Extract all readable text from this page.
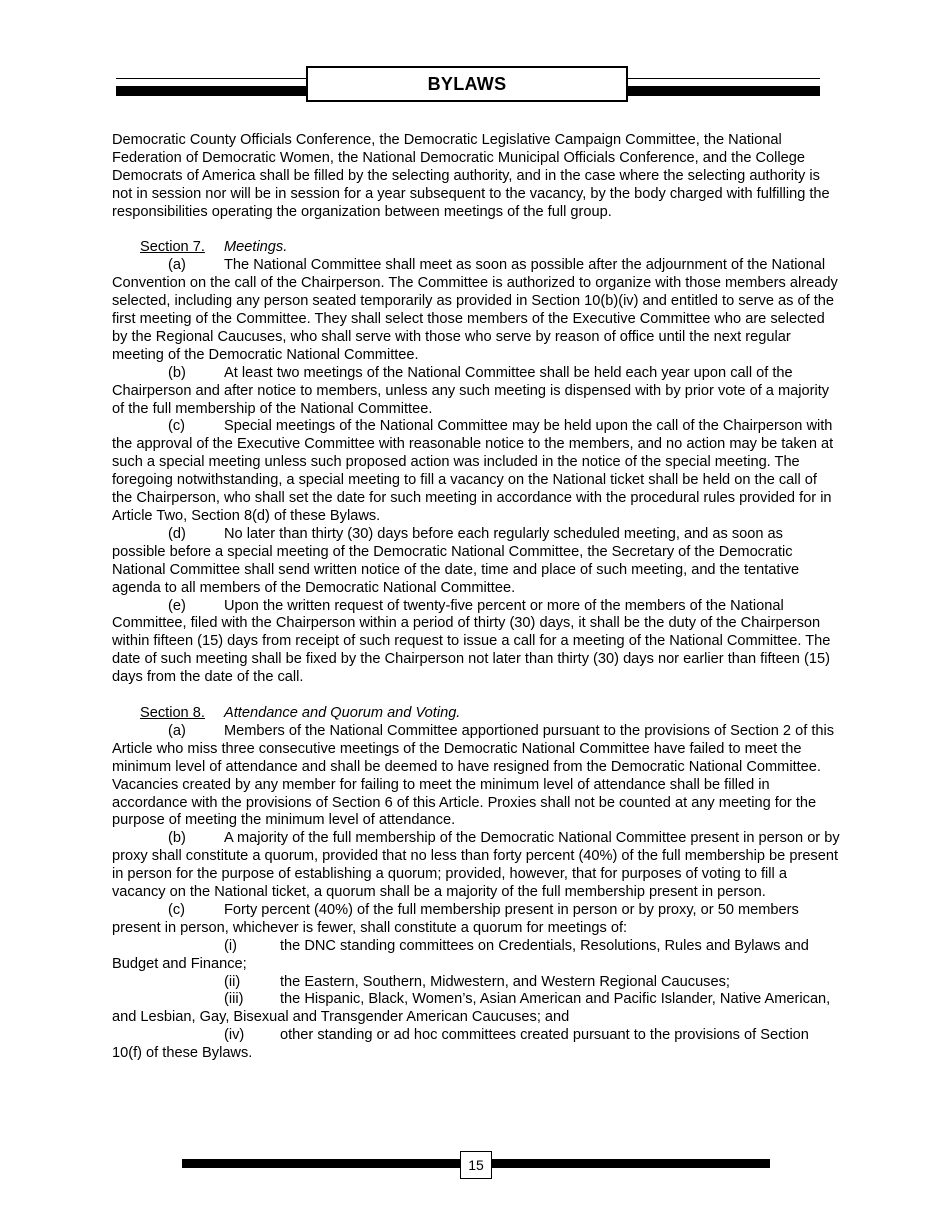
BYLAWS

Democratic County Officials Conference, the Democratic Legislative Campaign Committee, the National Federation of Democratic Women, the National Democratic Municipal Officials Conference, and the College Democrats of America shall be filled by the selecting authority, and in the case where the selecting authority is not in session nor will be in session for a year subsequent to the vacancy, by the body charged with fulfilling the responsibilities operating the organization between meetings of the full group.

Section 7. Meetings.

(a)	The National Committee shall meet as soon as possible after the adjournment of the National Convention on the call of the Chairperson. The Committee is authorized to organize with those members already selected, including any person seated temporarily as provided in Section 10(b)(iv) and entitled to serve as of the first meeting of the Committee. They shall select those members of the Executive Committee who are selected by the Regional Caucuses, who shall serve with those who serve by reason of office until the next regular meeting of the Democratic National Committee.

(b)	At least two meetings of the National Committee shall be held each year upon call of the Chairperson and after notice to members, unless any such meeting is dispensed with by prior vote of a majority of the full membership of the National Committee.

(c)	Special meetings of the National Committee may be held upon the call of the Chairperson with the approval of the Executive Committee with reasonable notice to the members, and no action may be taken at such a special meeting unless such proposed action was included in the notice of the special meeting. The foregoing notwithstanding, a special meeting to fill a vacancy on the National ticket shall be held on the call of the Chairperson, who shall set the date for such meeting in accordance with the procedural rules provided for in Article Two, Section 8(d) of these Bylaws.

(d)	No later than thirty (30) days before each regularly scheduled meeting, and as soon as possible before a special meeting of the Democratic National Committee, the Secretary of the Democratic National Committee shall send written notice of the date, time and place of such meeting, and the tentative agenda to all members of the Democratic National Committee.

(e)	Upon the written request of twenty-five percent or more of the members of the National Committee, filed with the Chairperson within a period of thirty (30) days, it shall be the duty of the Chairperson within fifteen (15) days from receipt of such request to issue a call for a meeting of the National Committee. The date of such meeting shall be fixed by the Chairperson not later than thirty (30) days nor earlier than fifteen (15) days from the date of the call.

Section 8. Attendance and Quorum and Voting.

(a)	Members of the National Committee apportioned pursuant to the provisions of Section 2 of this Article who miss three consecutive meetings of the Democratic National Committee have failed to meet the minimum level of attendance and shall be deemed to have resigned from the Democratic National Committee. Vacancies created by any member for failing to meet the minimum level of attendance shall be filled in accordance with the provisions of Section 6 of this Article. Proxies shall not be counted at any meeting for the purpose of meeting the minimum level of attendance.

(b)	A majority of the full membership of the Democratic National Committee present in person or by proxy shall constitute a quorum, provided that no less than forty percent (40%) of the full membership be present in person for the purpose of establishing a quorum; provided, however, that for purposes of voting to fill a vacancy on the National ticket, a quorum shall be a majority of the full membership present in person.

(c)	Forty percent (40%) of the full membership present in person or by proxy, or 50 members present in person, whichever is fewer, shall constitute a quorum for meetings of:

(i)	the DNC standing committees on Credentials, Resolutions, Rules and Bylaws and Budget and Finance;

(ii)	the Eastern, Southern, Midwestern, and Western Regional Caucuses;

(iii)	the Hispanic, Black, Women’s, Asian American and Pacific Islander, Native American, and Lesbian, Gay, Bisexual and Transgender American Caucuses; and

(iv) other standing or ad hoc committees created pursuant to the provisions of Section 10(f) of these Bylaws.

15
